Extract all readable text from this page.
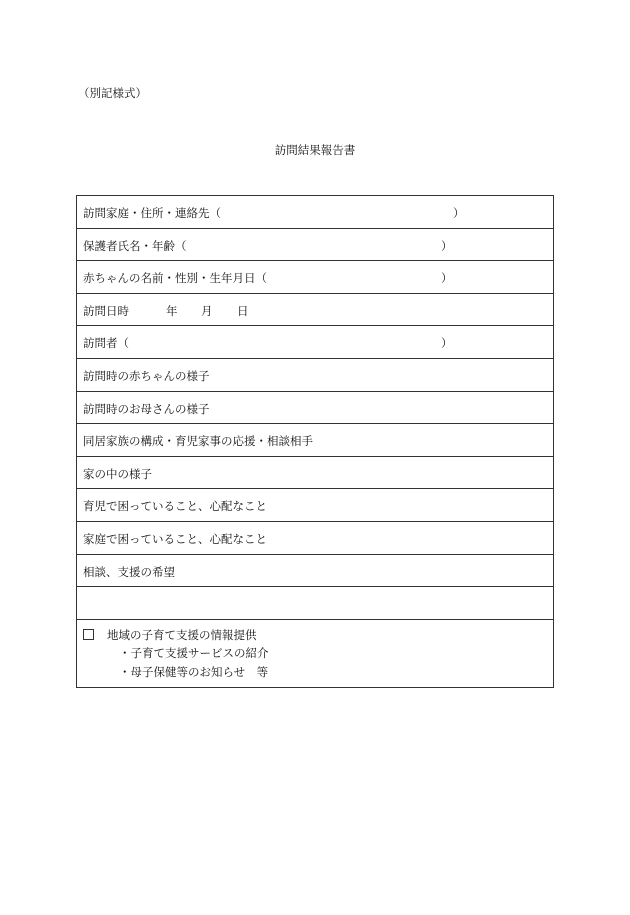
（別記様式）
訪問結果報告書
訪問家庭・住所・連絡先（	）
保護者氏名・年齢（	）
赤ちゃんの名前・性別・生年月日（	）
訪問日時	年 月 日
訪問者（	）
訪問時の赤ちゃんの様子
訪問時のお母さんの様子
同居家族の構成・育児家事の応援・相談相手
家の中の様子
育児で困っていること、心配なこと
家庭で困っていること、心配なこと
相談、支援の希望
地域の子育て支援の情報提供
・子育て支援サービスの紹介
・母子保健等のお知らせ　等
